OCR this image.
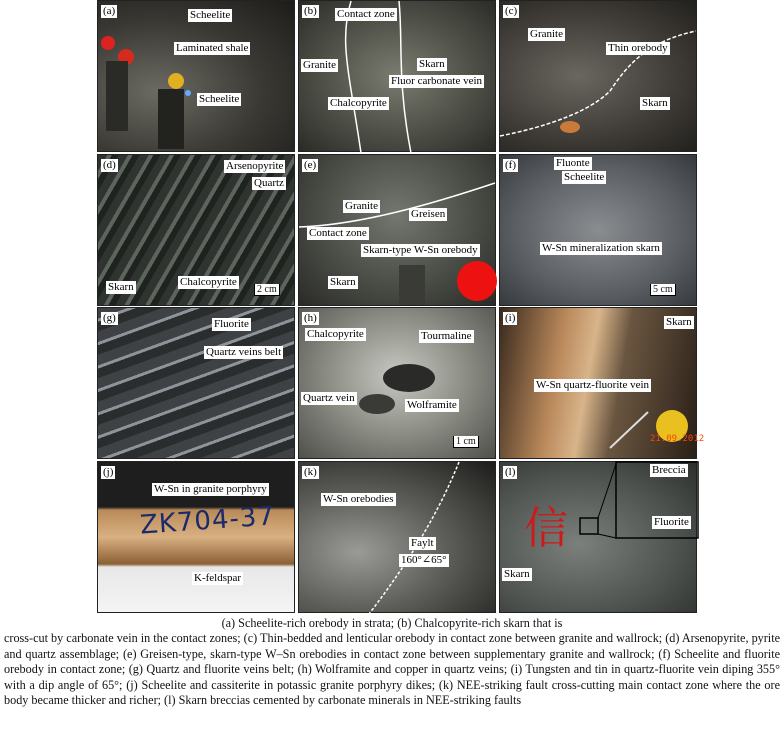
(a)	Scheelite
Laminated shale
Scheelite
(b) Contact zone
Granite	Skarn
Fluor carbonate vein
Chalcopyrite
(c)
Granite
Thin orebody
Skarn
(d)	Arsenopyrite
Quartz
Skarn	Chalcopyrite
2 cm
(e)
Granite
Greisen
Contact zone
Skarn-type W-Sn orebody
Skarn
(f)	Fluonte
Scheelite
W-Sn mineralization skarn
5 cm
(g)	Fluorite
Quartz veins belt
(h)
Chalcopyrite	Tourmaline
Quartz vein
Wolframite
1 cm
(i)	Skarn
W-Sn quartz-fluorite vein
21.09.2012
ZK704-37
(j)
W-Sn in granite porphyry
K-feldspar
(k)
W-Sn orebodies
Faylt
160°∠65°
信
(l)	Breccia
Fluorite
Skarn
(a) Scheelite-rich orebody in strata; (b) Chalcopyrite-rich skarn that is
cross-cut by carbonate vein in the contact zones; (c) Thin-bedded and lenticular orebody in contact zone between granite and wallrock; (d) Arsenopyrite, pyrite and quartz assemblage; (e) Greisen-type, skarn-type W–Sn orebodies in contact zone between supplementary granite and wallrock; (f) Scheelite and fluorite orebody in contact zone; (g) Quartz and fluorite veins belt; (h) Wolframite and copper in quartz veins; (i) Tungsten and tin in quartz-fluorite vein diping 355° with a dip angle of 65°; (j) Scheelite and cassiterite in potassic granite porphyry dikes; (k) NEE-striking fault cross-cutting main contact zone where the ore body became thicker and richer; (l) Skarn breccias cemented by carbonate minerals in NEE-striking faults
